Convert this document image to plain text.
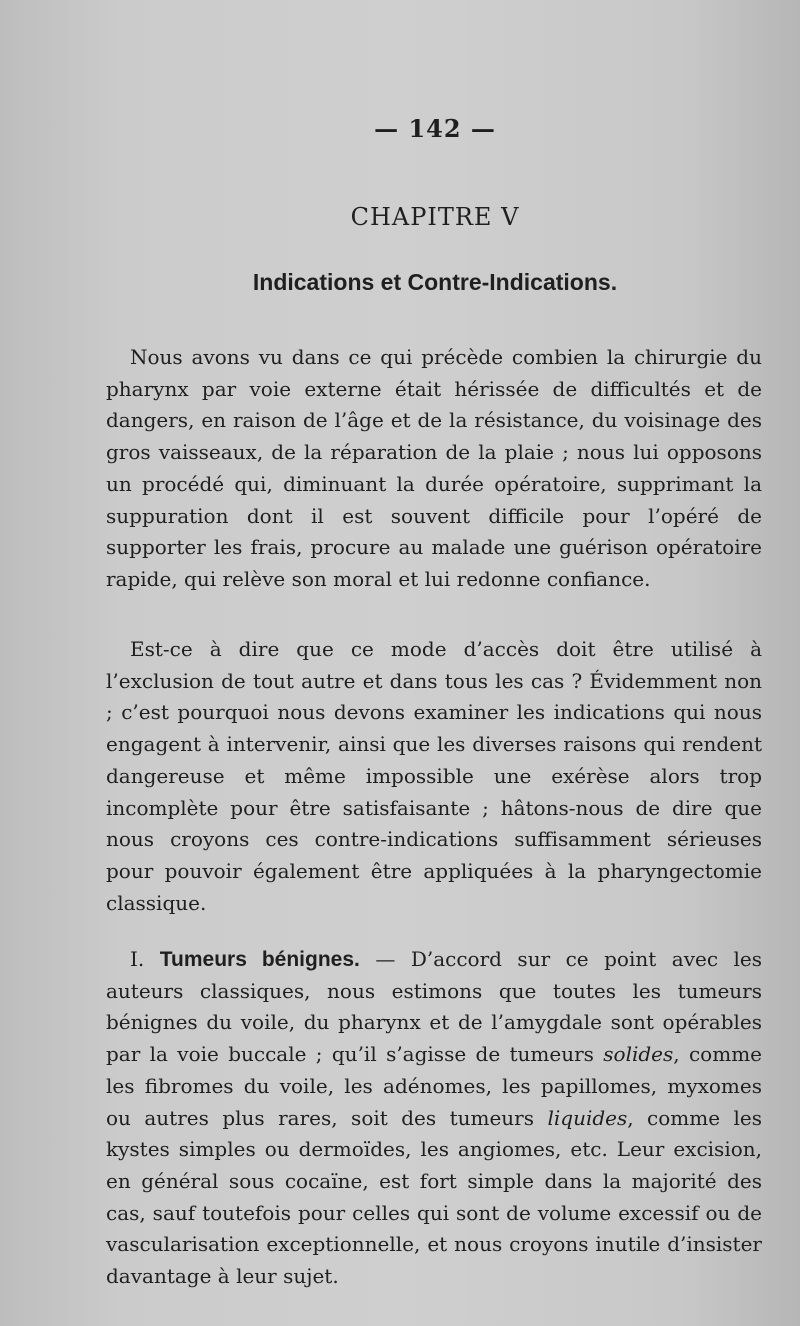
— 142 —
CHAPITRE V
Indications et Contre-Indications.

Nous avons vu dans ce qui précède combien la chirurgie du pharynx par voie externe était hérissée de difficultés et de dangers, en raison de l’âge et de la résistance, du voisinage des gros vaisseaux, de la réparation de la plaie ; nous lui opposons un procédé qui, diminuant la durée opératoire, supprimant la suppuration dont il est souvent difficile pour l’opéré de supporter les frais, procure au malade une guérison opératoire rapide, qui relève son moral et lui redonne confiance.

Est-ce à dire que ce mode d’accès doit être utilisé à l’exclusion de tout autre et dans tous les cas ? Évidemment non ; c’est pourquoi nous devons examiner les indications qui nous engagent à intervenir, ainsi que les diverses raisons qui rendent dangereuse et même impossible une exérèse alors trop incomplète pour être satisfaisante ; hâtons-nous de dire que nous croyons ces contre-indications suffisamment sérieuses pour pouvoir également être appliquées à la pharyngectomie classique.

I. Tumeurs bénignes. — D’accord sur ce point avec les auteurs classiques, nous estimons que toutes les tumeurs bénignes du voile, du pharynx et de l’amygdale sont opérables par la voie buccale ; qu’il s’agisse de tumeurs solides, comme les fibromes du voile, les adénomes, les papillomes, myxomes ou autres plus rares, soit des tumeurs liquides, comme les kystes simples ou dermoïdes, les angiomes, etc. Leur excision, en général sous cocaïne, est fort simple dans la majorité des cas, sauf toutefois pour celles qui sont de volume excessif ou de vascularisation exceptionnelle, et nous croyons inutile d’insister davantage à leur sujet.
